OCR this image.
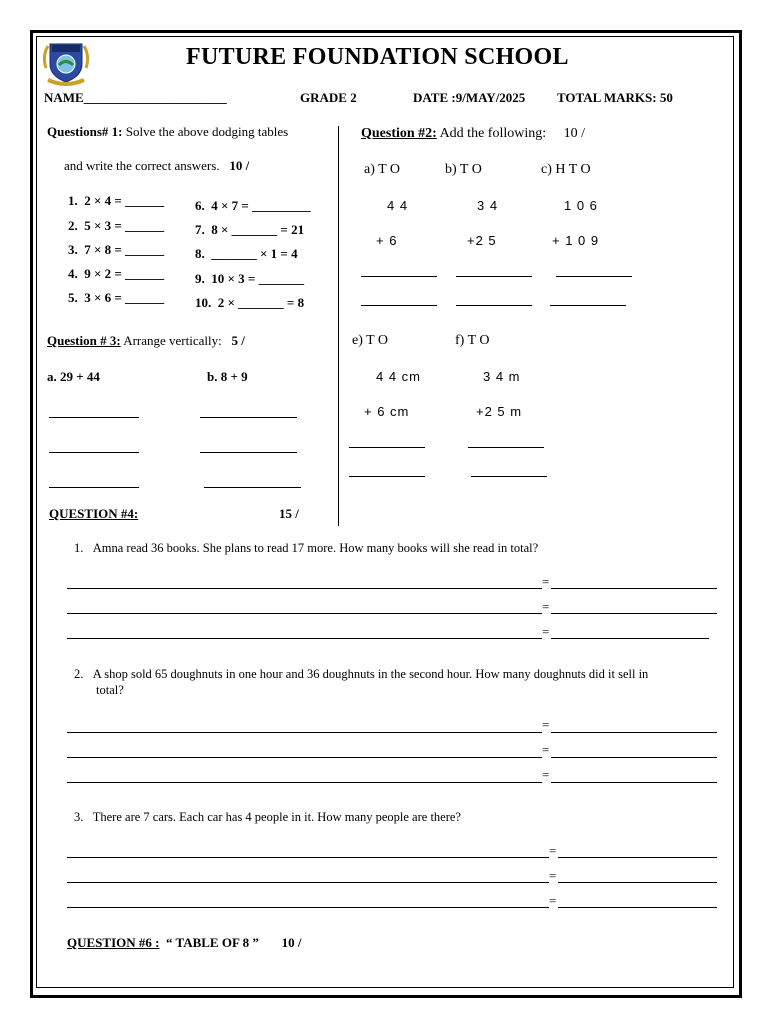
FUTURE FOUNDATION SCHOOL
NAME______________________	GRADE 2	DATE :9/MAY/2025 TOTAL MARKS: 50
Questions# 1: Solve the above dodging tables
and write the correct answers. 10 /
1. 2 × 4 = ______
2. 5 × 3 = ______
3. 7 × 8 = ______
4. 9 × 2 = ______
5. 3 × 6 = ______
6. 4 × 7 = _________
7. 8 × _______ = 21
8. _______ × 1 = 4
9. 10 × 3 = _______
10. 2 × _______ = 8
Question #2: Add the following: 10 /
a) T O	b) T O	c) H T O
4 4	3 4	1 0 6
+ 6	+2 5	+ 1 0 9
e) T O	f) T O
4 4 cm	3 4 m
+ 6 cm	+2 5 m
Question # 3: Arrange vertically: 5 /
a. 29 + 44	b. 8 + 9
QUESTION #4:	15 /
1. Amna read 36 books. She plans to read 17 more. How many books will she read in total?
=
=
=
2. A shop sold 65 doughnuts in one hour and 36 doughnuts in the second hour. How many doughnuts did it sell in
total?
=
=
=
3. There are 7 cars. Each car has 4 people in it. How many people are there?
=
=
=
QUESTION #6 : “ TABLE OF 8 ” 10 /
